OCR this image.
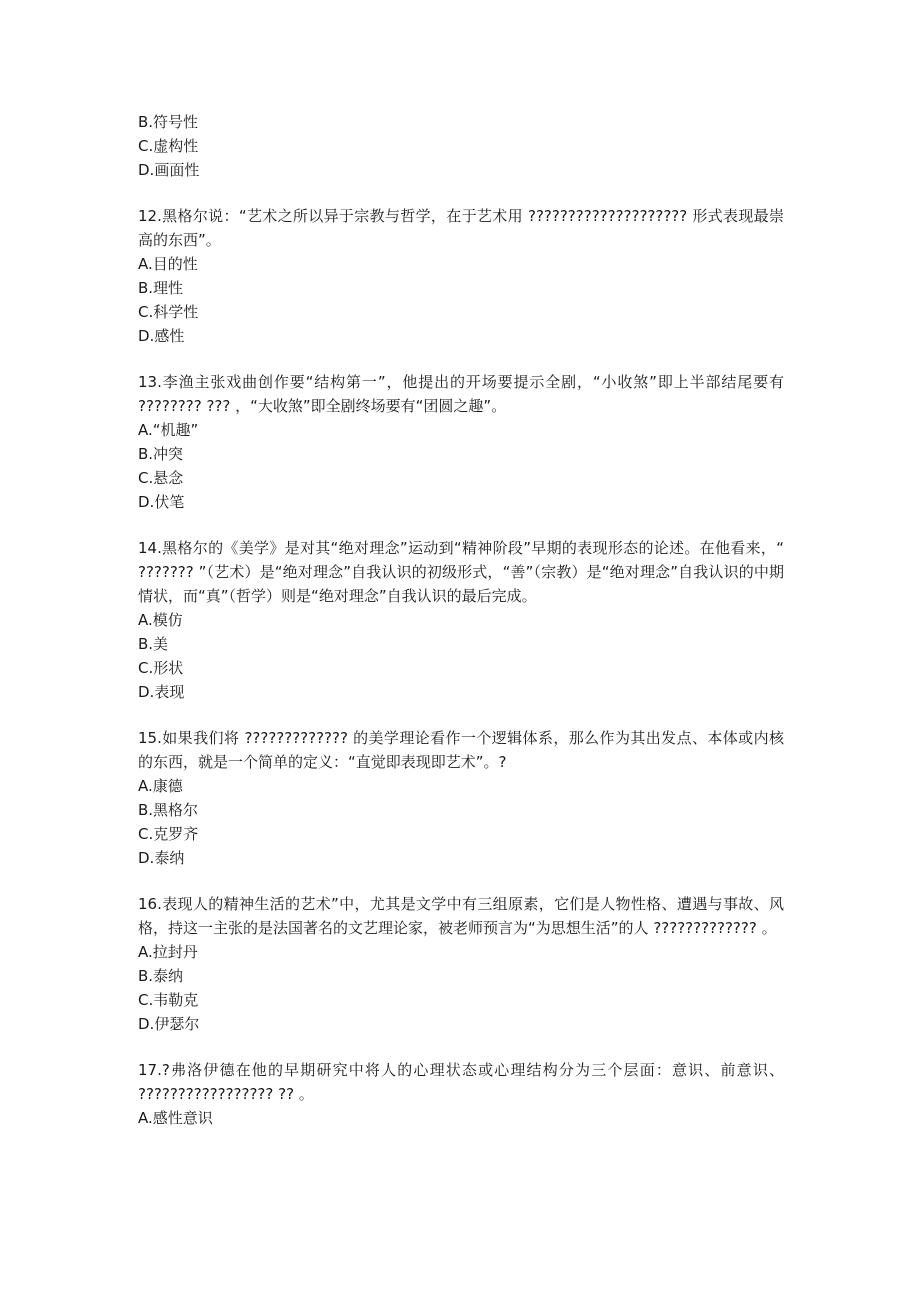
B.符号性
C.虚构性
D.画面性
12.黑格尔说：“艺术之所以异于宗教与哲学，在于艺术用 ???????????????????? 形式表现最崇高的东西”。
A.目的性
B.理性
C.科学性
D.感性
13.李渔主张戏曲创作要“结构第一”，他提出的开场要提示全剧，“小收煞”即上半部结尾要有 ???????? ??? ，“大收煞”即全剧终场要有“团圆之趣”。
A.“机趣”
B.冲突
C.悬念
D.伏笔
14.黑格尔的《美学》是对其“绝对理念”运动到“精神阶段”早期的表现形态的论述。在他看来，“ ??????? ”（艺术）是“绝对理念”自我认识的初级形式，“善”（宗教）是“绝对理念”自我认识的中期情状，而“真”（哲学）则是“绝对理念”自我认识的最后完成。
A.模仿
B.美
C.形状
D.表现
15.如果我们将 ????????????? 的美学理论看作一个逻辑体系，那么作为其出发点、本体或内核的东西，就是一个简单的定义：“直觉即表现即艺术”。?
A.康德
B.黑格尔
C.克罗齐
D.泰纳
16.表现人的精神生活的艺术”中，尤其是文学中有三组原素，它们是人物性格、遭遇与事故、风格，持这一主张的是法国著名的文艺理论家，被老师预言为“为思想生活”的人 ????????????? 。
A.拉封丹
B.泰纳
C.韦勒克
D.伊瑟尔
17.?弗洛伊德在他的早期研究中将人的心理状态或心理结构分为三个层面：意识、前意识、 ????????????????? ?? 。
A.感性意识
